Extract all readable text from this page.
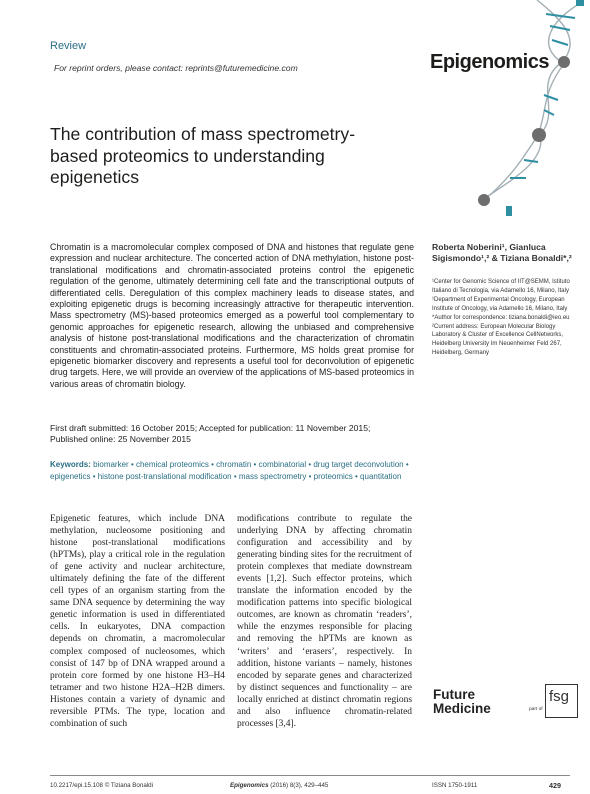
Review
For reprint orders, please contact: reprints@futuremedicine.com	Epigenomics
The contribution of mass spectrometry-based proteomics to understanding epigenetics
Chromatin is a macromolecular complex composed of DNA and histones that regulate gene expression and nuclear architecture. The concerted action of DNA methylation, histone post-translational modifications and chromatin-associated proteins control the epigenetic regulation of the genome, ultimately determining cell fate and the transcriptional outputs of differentiated cells. Deregulation of this complex machinery leads to disease states, and exploiting epigenetic drugs is becoming increasingly attractive for therapeutic intervention. Mass spectrometry (MS)-based proteomics emerged as a powerful tool complementary to genomic approaches for epigenetic research, allowing the unbiased and comprehensive analysis of histone post-translational modifications and the characterization of chromatin constituents and chromatin-associated proteins. Furthermore, MS holds great promise for epigenetic biomarker discovery and represents a useful tool for deconvolution of epigenetic drug targets. Here, we will provide an overview of the applications of MS-based proteomics in various areas of chromatin biology.
First draft submitted: 16 October 2015; Accepted for publication: 11 November 2015;
Published online: 25 November 2015
Keywords: biomarker • chemical proteomics • chromatin • combinatorial • drug target deconvolution • epigenetics • histone post-translational modification • mass spectrometry • proteomics • quantitation
Roberta Noberini¹, Gianluca Sigismondo¹,² & Tiziana Bonaldi*,²
¹Center for Genomic Science of IIT@SEMM, Istituto Italiano di Tecnologia, via Adamello 16, Milano, Italy
¹Department of Experimental Oncology, European Institute of Oncology, via Adamello 16, Milano, Italy
*Author for correspondence: tiziana.bonaldi@ieo.eu
²Current address: European Molecular Biology Laboratory & Cluster of Excellence CellNetworks, Heidelberg University Im Neuenheimer Feld 267, Heidelberg, Germany
Epigenetic features, which include DNA methylation, nucleosome positioning and histone post-translational modifications (hPTMs), play a critical role in the regulation of gene activity and nuclear architecture, ultimately defining the fate of the different cell types of an organism starting from the same DNA sequence by determining the way genetic information is used in differentiated cells. In eukaryotes, DNA compaction depends on chromatin, a macromolecular complex composed of nucleosomes, which consist of 147 bp of DNA wrapped around a protein core formed by one histone H3–H4 tetramer and two histone H2A–H2B dimers. Histones contain a variety of dynamic and reversible PTMs. The type, location and combination of such
modifications contribute to regulate the underlying DNA by affecting chromatin configuration and accessibility and by generating binding sites for the recruitment of protein complexes that mediate downstream events [1,2]. Such effector proteins, which translate the information encoded by the modification patterns into specific biological outcomes, are known as chromatin ‘readers’, while the enzymes responsible for placing and removing the hPTMs are known as ‘writers’ and ‘erasers’, respectively. In addition, histone variants – namely, histones encoded by separate genes and characterized by distinct sequences and functionality – are locally enriched at distinct chromatin regions and also influence chromatin-related processes [3,4].
Future
Medicine	part of
fsg
10.2217/epi.15.108 © Tiziana Bonaldi	Epigenomics (2016) 8(3), 429–445	ISSN 1750-1911	429
